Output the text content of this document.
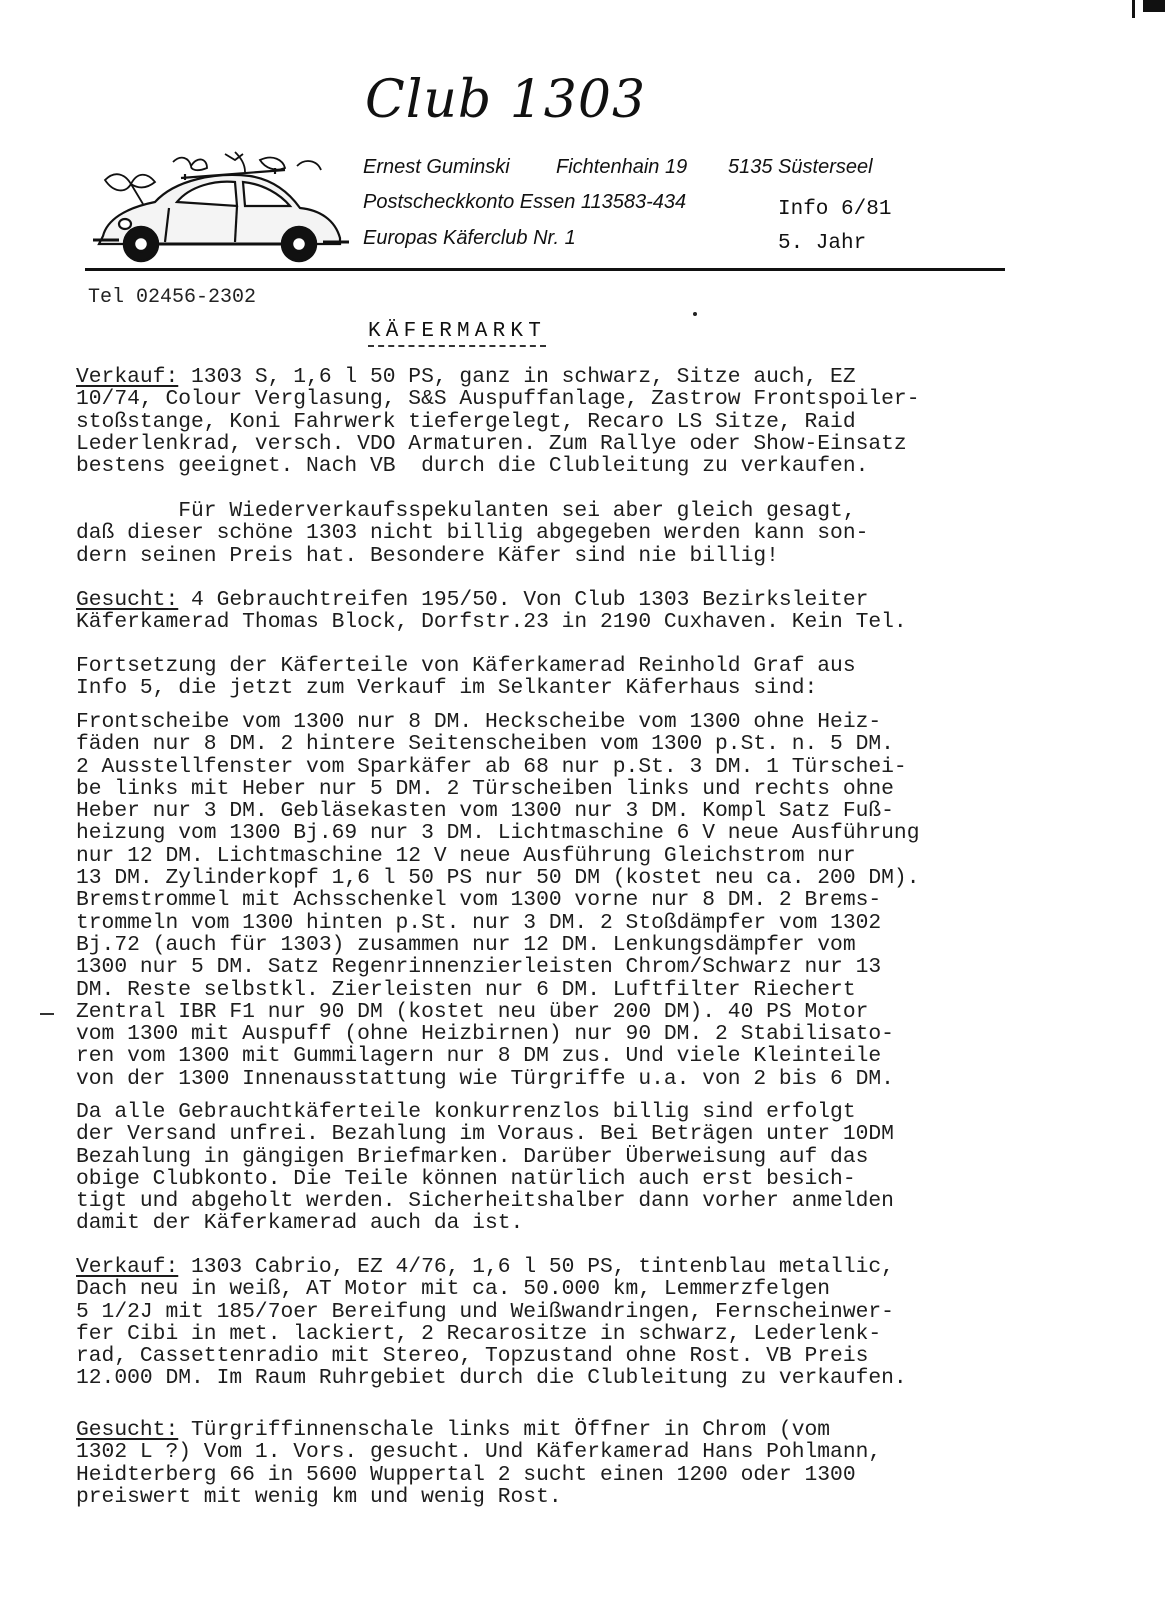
Club 1303
Ernest Guminski Fichtenhain 19 5135 Süsterseel
Postscheckkonto Essen 113583-434
Europas Käferclub Nr. 1
Info 6/81
5. Jahr
Tel 02456-2302
KÄFERMARKT
Verkauf: 1303 S, 1,6 l 50 PS, ganz in schwarz, Sitze auch, EZ
10/74, Colour Verglasung, S&S Auspuffanlage, Zastrow Frontspoiler-
stoßstange, Koni Fahrwerk tiefergelegt, Recaro LS Sitze, Raid
Lederlenkrad, versch. VDO Armaturen. Zum Rallye oder Show-Einsatz
bestens geeignet. Nach VB  durch die Clubleitung zu verkaufen.
Für Wiederverkaufsspekulanten sei aber gleich gesagt,
daß dieser schöne 1303 nicht billig abgegeben werden kann son-
dern seinen Preis hat. Besondere Käfer sind nie billig!
Gesucht: 4 Gebrauchtreifen 195/50. Von Club 1303 Bezirksleiter
Käferkamerad Thomas Block, Dorfstr.23 in 2190 Cuxhaven. Kein Tel.
Fortsetzung der Käferteile von Käferkamerad Reinhold Graf aus
Info 5, die jetzt zum Verkauf im Selkanter Käferhaus sind:
Frontscheibe vom 1300 nur 8 DM. Heckscheibe vom 1300 ohne Heiz-
fäden nur 8 DM. 2 hintere Seitenscheiben vom 1300 p.St. n. 5 DM.
2 Ausstellfenster vom Sparkäfer ab 68 nur p.St. 3 DM. 1 Türschei-
be links mit Heber nur 5 DM. 2 Türscheiben links und rechts ohne
Heber nur 3 DM. Gebläsekasten vom 1300 nur 3 DM. Kompl Satz Fuß-
heizung vom 1300 Bj.69 nur 3 DM. Lichtmaschine 6 V neue Ausführung
nur 12 DM. Lichtmaschine 12 V neue Ausführung Gleichstrom nur
13 DM. Zylinderkopf 1,6 l 50 PS nur 50 DM (kostet neu ca. 200 DM).
Bremstrommel mit Achsschenkel vom 1300 vorne nur 8 DM. 2 Brems-
trommeln vom 1300 hinten p.St. nur 3 DM. 2 Stoßdämpfer vom 1302
Bj.72 (auch für 1303) zusammen nur 12 DM. Lenkungsdämpfer vom
1300 nur 5 DM. Satz Regenrinnenzierleisten Chrom/Schwarz nur 13
DM. Reste selbstkl. Zierleisten nur 6 DM. Luftfilter Riechert
Zentral IBR F1 nur 90 DM (kostet neu über 200 DM). 40 PS Motor
vom 1300 mit Auspuff (ohne Heizbirnen) nur 90 DM. 2 Stabilisato-
ren vom 1300 mit Gummilagern nur 8 DM zus. Und viele Kleinteile
von der 1300 Innenausstattung wie Türgriffe u.a. von 2 bis 6 DM.
Da alle Gebrauchtkäferteile konkurrenzlos billig sind erfolgt
der Versand unfrei. Bezahlung im Voraus. Bei Beträgen unter 10DM
Bezahlung in gängigen Briefmarken. Darüber Überweisung auf das
obige Clubkonto. Die Teile können natürlich auch erst besich-
tigt und abgeholt werden. Sicherheitshalber dann vorher anmelden
damit der Käferkamerad auch da ist.
Verkauf: 1303 Cabrio, EZ 4/76, 1,6 l 50 PS, tintenblau metallic,
Dach neu in weiß, AT Motor mit ca. 50.000 km, Lemmerzfelgen
5 1/2J mit 185/7oer Bereifung und Weißwandringen, Fernscheinwer-
fer Cibi in met. lackiert, 2 Recarositze in schwarz, Lederlenk-
rad, Cassettenradio mit Stereo, Topzustand ohne Rost. VB Preis
12.000 DM. Im Raum Ruhrgebiet durch die Clubleitung zu verkaufen.
Gesucht: Türgriffinnenschale links mit Öffner in Chrom (vom
1302 L ?) Vom 1. Vors. gesucht. Und Käferkamerad Hans Pohlmann,
Heidterberg 66 in 5600 Wuppertal 2 sucht einen 1200 oder 1300
preiswert mit wenig km und wenig Rost.
